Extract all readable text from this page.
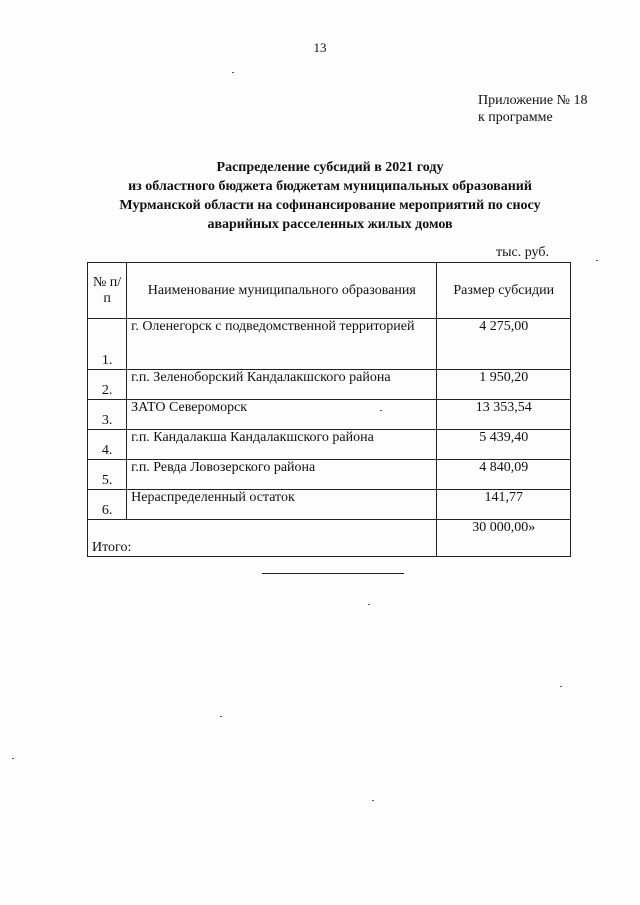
13
Приложение № 18
к программе
Распределение субсидий в 2021 году
из областного бюджета бюджетам муниципальных образований
Мурманской области на софинансирование мероприятий по сносу
аварийных расселенных жилых домов
тыс. руб.
№ п/п	Наименование муниципального образования	Размер субсидии
1.	г. Оленегорск с подведомственной территорией	4 275,00
2.	г.п. Зеленоборский Кандалакшского района	1 950,20
3.	ЗАТО Североморск	13 353,54
4.	г.п. Кандалакша Кандалакшского района	5 439,40
5.	г.п. Ревда Ловозерского района	4 840,09
6.	Нераспределенный остаток	141,77
Итого:		30 000,00»
